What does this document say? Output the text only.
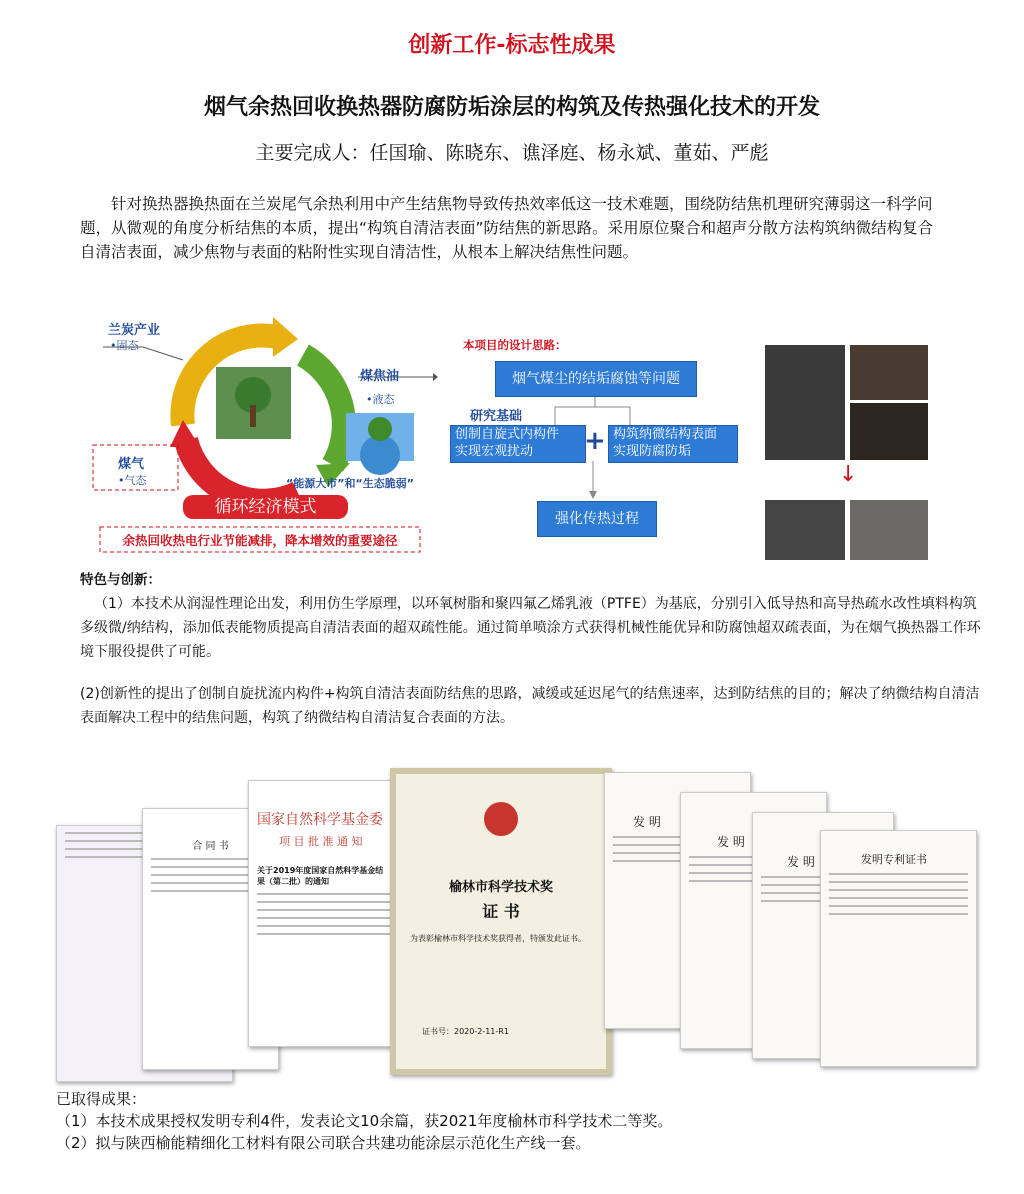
创新工作-标志性成果
烟气余热回收换热器防腐防垢涂层的构筑及传热强化技术的开发
主要完成人：任国瑜、陈晓东、谯泽庭、杨永斌、董茹、严彪
针对换热器换热面在兰炭尾气余热利用中产生结焦物导致传热效率低这一技术难题，围绕防结焦机理研究薄弱这一科学问题，从微观的角度分析结焦的本质，提出“构筑自清洁表面”防结焦的新思路。采用原位聚合和超声分散方法构筑纳微结构复合自清洁表面，减少焦物与表面的粘附性实现自清洁性，从根本上解决结焦性问题。
兰炭产业
•固态
煤焦油
•液态
煤气
•气态	“能源大市”和“生态脆弱”
循环经济模式
余热回收热电行业节能减排，降本增效的重要途径
本项目的设计思路：
烟气煤尘的结垢腐蚀等问题
研究基础
创制自旋式内构件
实现宏观扰动	+ 构筑纳微结构表面
实现防腐防垢
强化传热过程
↓
特色与创新：
（1）本技术从润湿性理论出发，利用仿生学原理，以环氧树脂和聚四氟乙烯乳液（PTFE）为基底，分别引入低导热和高导热疏水改性填料构筑多级微/纳结构，添加低表能物质提高自清洁表面的超双疏性能。通过简单喷涂方式获得机械性能优异和防腐蚀超双疏表面，为在烟气换热器工作环境下服役提供了可能。
(2)创新性的提出了创制自旋扰流内构件+构筑自清洁表面防结焦的思路，减缓或延迟尾气的结焦速率，达到防结焦的目的；解决了纳微结构自清洁表面解决工程中的结焦问题，构筑了纳微结构自清洁复合表面的方法。
合 同 书
国家自然科学基金委
项 目 批 准 通 知
关于2019年度国家自然科学基金结果（第二批）的通知	榆林市科学技术奖
证 书
为表彰榆林市科学技术奖获得者，特颁发此证书。
证书号：2020-2-11-R1
发 明
发 明
发 明	发明专利证书
已取得成果：
（1）本技术成果授权发明专利4件，发表论文10余篇，获2021年度榆林市科学技术二等奖。
（2）拟与陕西榆能精细化工材料有限公司联合共建功能涂层示范化生产线一套。
